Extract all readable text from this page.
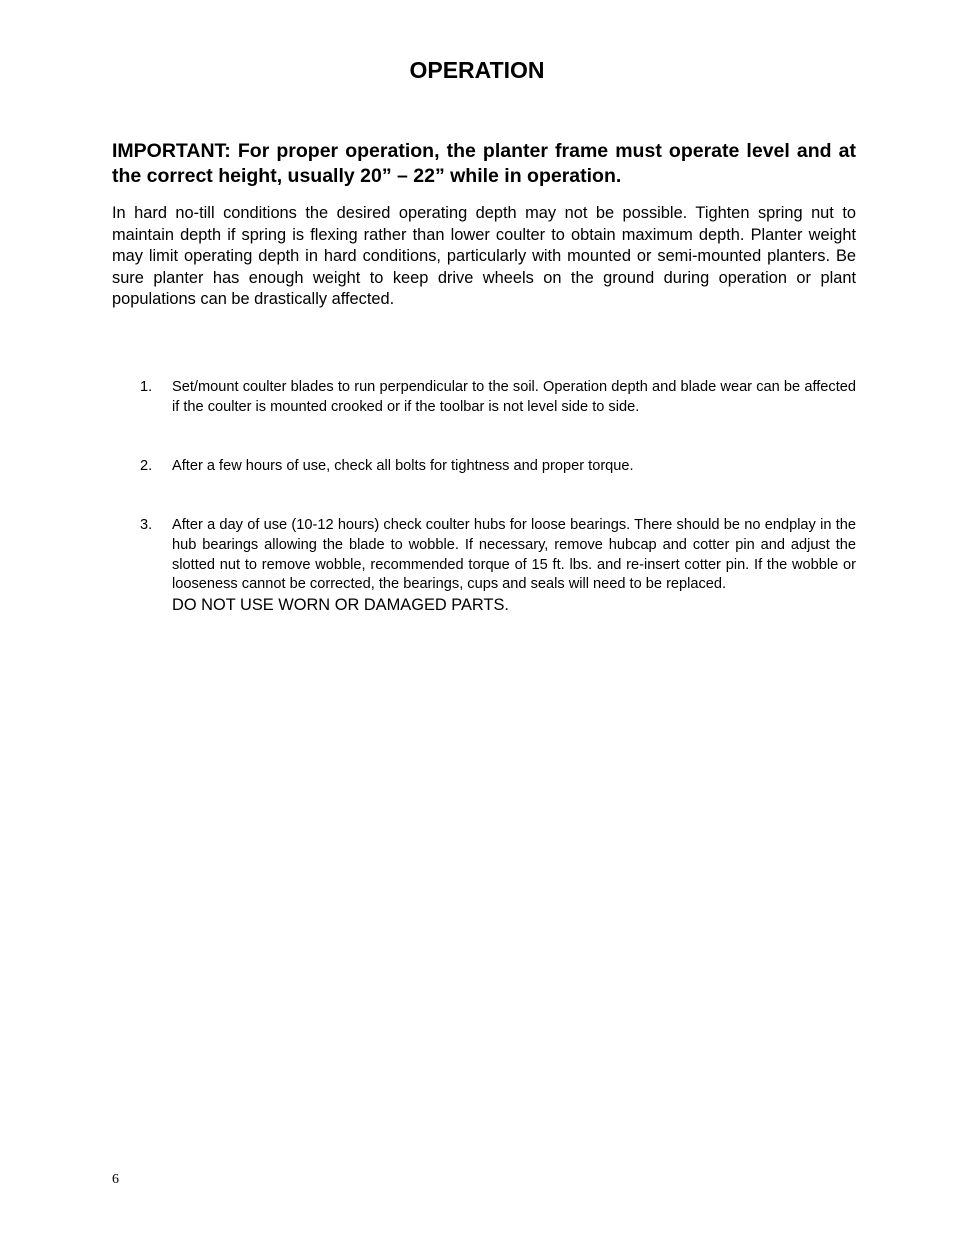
OPERATION

IMPORTANT: For proper operation, the planter frame must operate level and at the correct height, usually 20” – 22” while in operation.

In hard no-till conditions the desired operating depth may not be possible. Tighten spring nut to maintain depth if spring is flexing rather than lower coulter to obtain maximum depth. Planter weight may limit operating depth in hard conditions, particularly with mounted or semi-mounted planters. Be sure planter has enough weight to keep drive wheels on the ground during operation or plant populations can be drastically affected.

1.	Set/mount coulter blades to run perpendicular to the soil. Operation depth and blade wear can be affected if the coulter is mounted crooked or if the toolbar is not level side to side.
2.	After a few hours of use, check all bolts for tightness and proper torque.
3.	After a day of use (10-12 hours) check coulter hubs for loose bearings. There should be no endplay in the hub bearings allowing the blade to wobble. If necessary, remove hubcap and cotter pin and adjust the slotted nut to remove wobble, recommended torque of 15 ft. lbs. and re-insert cotter pin. If the wobble or looseness cannot be corrected, the bearings, cups and seals will need to be replaced.
DO NOT USE WORN OR DAMAGED PARTS.
6
